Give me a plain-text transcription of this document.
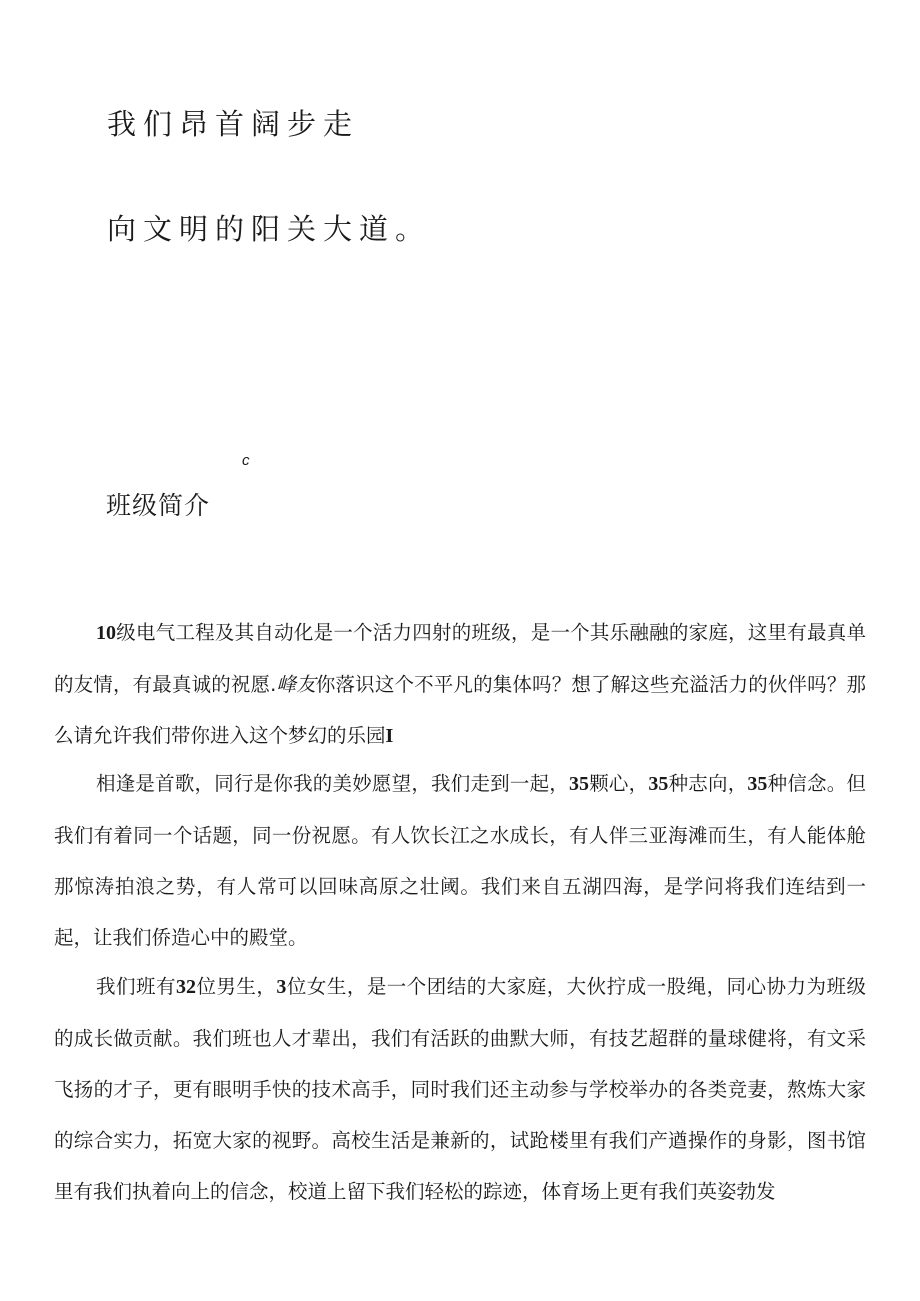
我们昂首阔步走
向文明的阳关大道。
c
班级简介

10级电气工程及其自动化是一个活力四射的班级，是一个其乐融融的家庭，这里有最真单的友情，有最真诚的祝愿.峰友你落识这个不平凡的集体吗？想了解这些充溢活力的伙伴吗？那么请允许我们带你进入这个梦幻的乐园I

相逢是首歌，同行是你我的美妙愿望，我们走到一起，35颗心，35种志向，35种信念。但我们有着同一个话题，同一份祝愿。有人饮长江之水成长，有人伴三亚海滩而生，有人能体舱那惊涛拍浪之势，有人常可以回味高原之壮阈。我们来自五湖四海，是学问将我们连结到一起，让我们侨造心中的殿堂。

我们班有32位男生，3位女生，是一个团结的大家庭，大伙拧成一股绳，同心协力为班级的成长做贡献。我们班也人才辈出，我们有活跃的曲默大师，有技艺超群的量球健将，有文采飞扬的才子，更有眼明手快的技术高手，同时我们还主动参与学校举办的各类竞妻，熬炼大家的综合实力，拓宽大家的视野。高校生活是兼新的，试跄楼里有我们产遒操作的身影，图书馆里有我们执着向上的信念，校道上留下我们轻松的踪迹，体育场上更有我们英姿勃发
